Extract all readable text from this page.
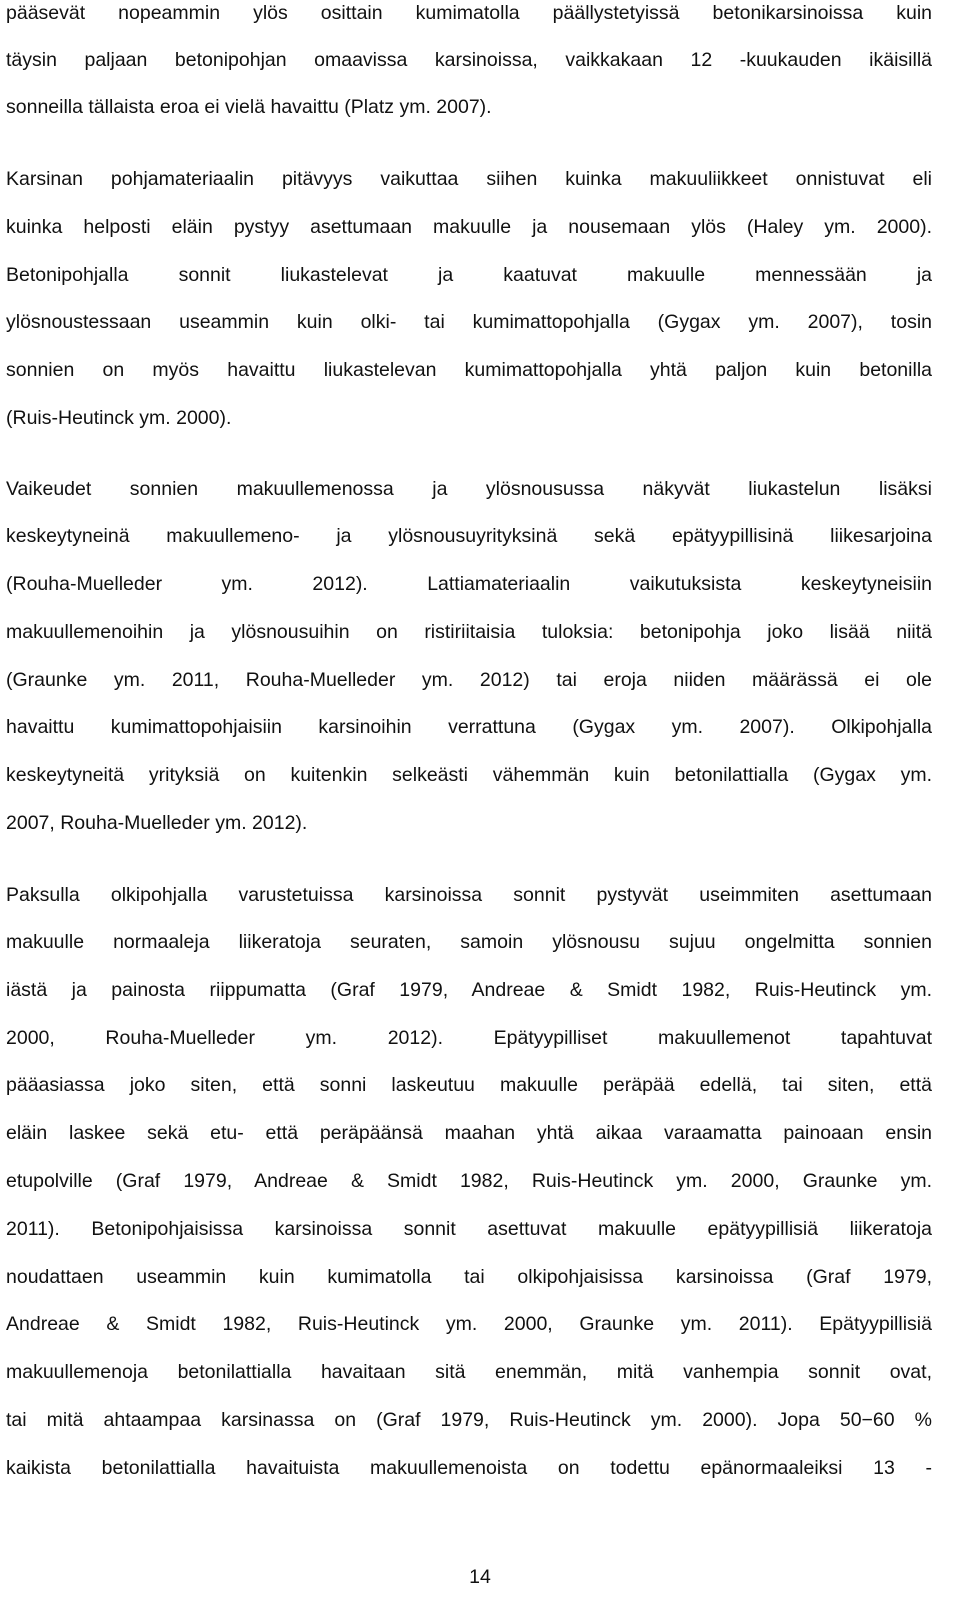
pääsevät nopeammin ylös osittain kumimatolla päällystetyissä betonikarsinoissa kuin
täysin paljaan betonipohjan omaavissa karsinoissa, vaikkakaan 12 -kuukauden ikäisillä
sonneilla tällaista eroa ei vielä havaittu (Platz ym. 2007).
Karsinan pohjamateriaalin pitävyys vaikuttaa siihen kuinka makuuliikkeet onnistuvat eli
kuinka helposti eläin pystyy asettumaan makuulle ja nousemaan ylös (Haley ym. 2000).
Betonipohjalla sonnit liukastelevat ja kaatuvat makuulle mennessään ja
ylösnoustessaan useammin kuin olki- tai kumimattopohjalla (Gygax ym. 2007), tosin
sonnien on myös havaittu liukastelevan kumimattopohjalla yhtä paljon kuin betonilla
(Ruis-Heutinck ym. 2000).
Vaikeudet sonnien makuullemenossa ja ylösnousussa näkyvät liukastelun lisäksi
keskeytyneinä makuullemeno- ja ylösnousuyrityksinä sekä epätyypillisinä liikesarjoina
(Rouha-Muelleder ym. 2012). Lattiamateriaalin vaikutuksista keskeytyneisiin
makuullemenoihin ja ylösnousuihin on ristiriitaisia tuloksia: betonipohja joko lisää niitä
(Graunke ym. 2011, Rouha-Muelleder ym. 2012) tai eroja niiden määrässä ei ole
havaittu kumimattopohjaisiin karsinoihin verrattuna (Gygax ym. 2007). Olkipohjalla
keskeytyneitä yrityksiä on kuitenkin selkeästi vähemmän kuin betonilattialla (Gygax ym.
2007, Rouha-Muelleder ym. 2012).
Paksulla olkipohjalla varustetuissa karsinoissa sonnit pystyvät useimmiten asettumaan
makuulle normaaleja liikeratoja seuraten, samoin ylösnousu sujuu ongelmitta sonnien
iästä ja painosta riippumatta (Graf 1979, Andreae & Smidt 1982, Ruis-Heutinck ym.
2000, Rouha-Muelleder ym. 2012). Epätyypilliset makuullemenot tapahtuvat
pääasiassa joko siten, että sonni laskeutuu makuulle peräpää edellä, tai siten, että
eläin laskee sekä etu- että peräpäänsä maahan yhtä aikaa varaamatta painoaan ensin
etupolville (Graf 1979, Andreae & Smidt 1982, Ruis-Heutinck ym. 2000, Graunke ym.
2011). Betonipohjaisissa karsinoissa sonnit asettuvat makuulle epätyypillisiä liikeratoja
noudattaen useammin kuin kumimatolla tai olkipohjaisissa karsinoissa (Graf 1979,
Andreae & Smidt 1982, Ruis-Heutinck ym. 2000, Graunke ym. 2011). Epätyypillisiä
makuullemenoja betonilattialla havaitaan sitä enemmän, mitä vanhempia sonnit ovat,
tai mitä ahtaampaa karsinassa on (Graf 1979, Ruis-Heutinck ym. 2000). Jopa 50−60 %
kaikista betonilattialla havaituista makuullemenoista on todettu epänormaaleiksi 13 -
14
